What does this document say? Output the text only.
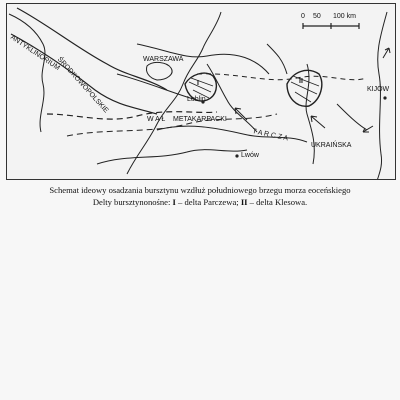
0 50 100 km
ANTYKLINORIUM
ŚRODKOWOPOLSKIE	WARSZAWA
Lublin
I	II
W A Ł METAKARPACKI
T A R C Z A
UKRAIŃSKA
Lwów
KIJÓW
Schemat ideowy osadzania bursztynu wzdłuż południowego brzegu morza eoceńskiego
Delty bursztynonośne: I – delta Parczewa; II – delta Klesowa.
